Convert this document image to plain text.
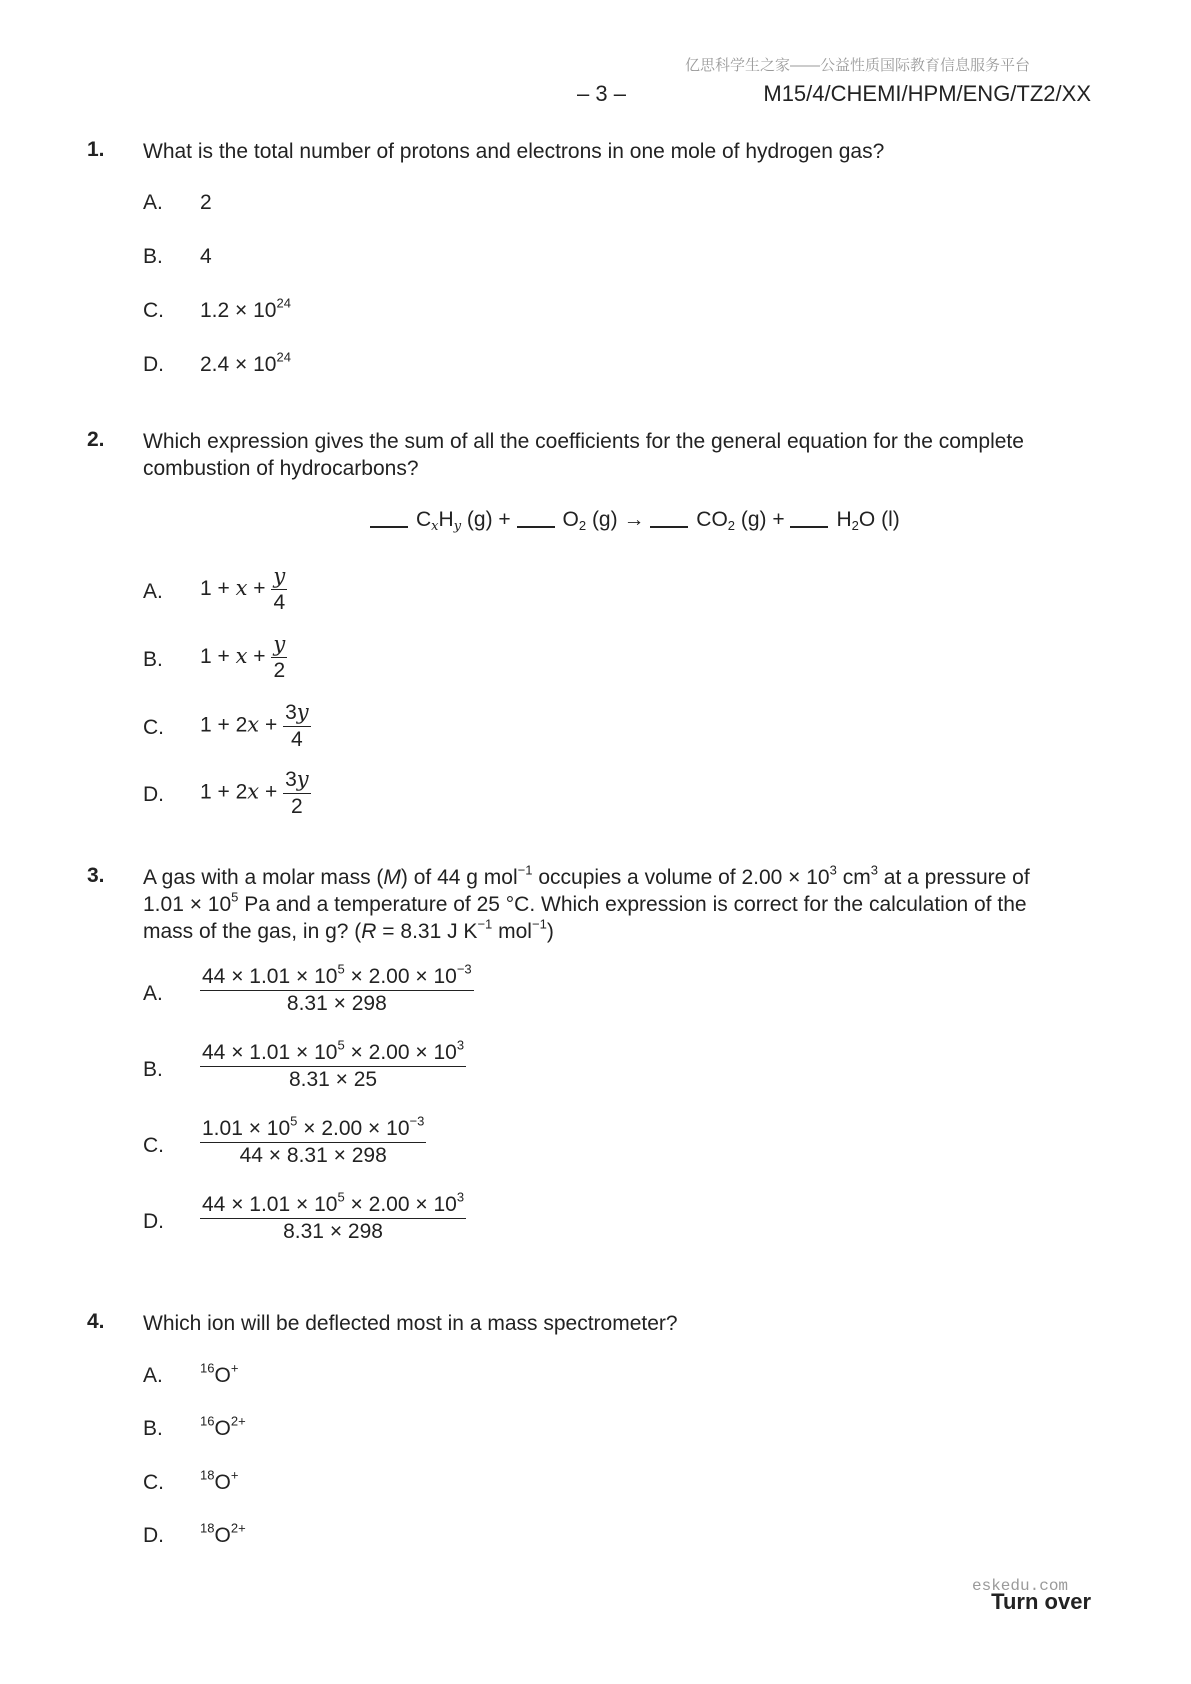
亿思科学生之家——公益性质国际教育信息服务平台
– 3 –	M15/4/CHEMI/HPM/ENG/TZ2/XX
1. What is the total number of protons and electrons in one mole of hydrogen gas?
A. 2
B. 4
C. $1.2 \times 10^{24}$
D. $2.4 \times 10^{24}$
2. Which expression gives the sum of all the coefficients for the general equation for the complete combustion of hydrocarbons?
$C_xH_y$ $(g) + O_2$ $(g) \to CO_2$ $(g) + H_2O$ (l)
A. $1 + x + \frac{y}{4}$
B. $1 + x + \frac{y}{2}$
C. $1 + 2x + \frac{3y}{4}$
D. $1 + 2x + \frac{3y}{2}$
3. A gas with a molar mass (M) of 44 g mol$^{-1}$ occupies a volume of $2.00 \times 10^3$ $cm^3$ at a pressure of
$1.01 \times 10^5$ Pa and a temperature of 25 °C. Which expression is correct for the calculation of the
mass of the gas, in g? (R = 8.31 J $K^{-1}$ mol$^{-1}$)
A. $\frac{44 \times 1.01 \times 10^5 \times 2.00 \times 10^{-3}}{8.31 \times 298}$
B. $\frac{44 \times 1.01 \times 10^5 \times 2.00 \times 10^3}{8.31 \times 25}$
C. $\frac{1.01 \times 10^5 \times 2.00 \times 10^{-3}}{44 \times 8.31 \times 298}$
D. $\frac{44 \times 1.01 \times 10^5 \times 2.00 \times 10^3}{8.31 \times 298}$
4. Which ion will be deflected most in a mass spectrometer?
A.	$^{16}$O+
B.	$^{16}O^{2+}$
C.	$^{18}$O+
D.	$^{18}O^{2+}$
eskedu.com
Turn over
